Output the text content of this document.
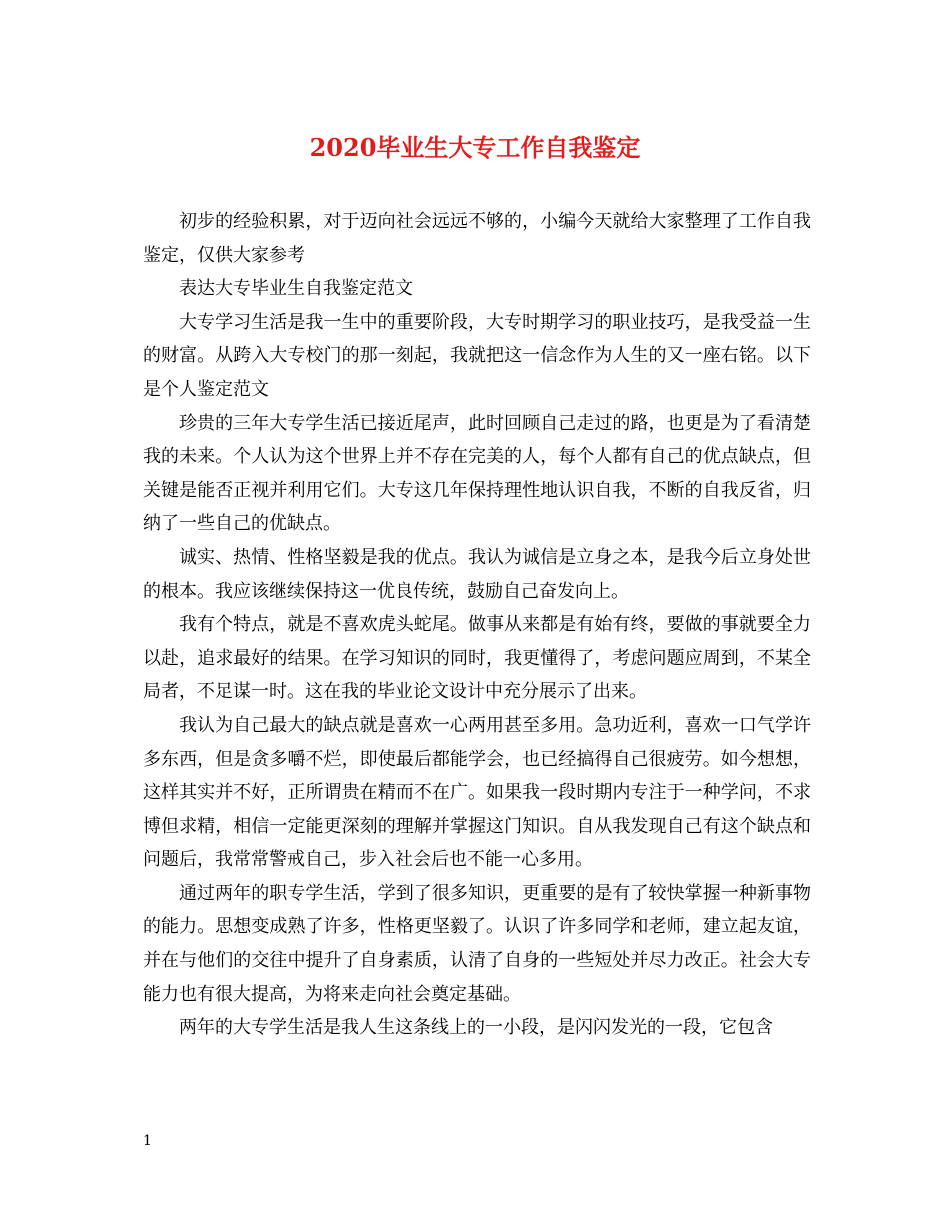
2020毕业生大专工作自我鉴定

初步的经验积累，对于迈向社会远远不够的，小编今天就给大家整理了工作自我鉴定，仅供大家参考

表达大专毕业生自我鉴定范文

大专学习生活是我一生中的重要阶段，大专时期学习的职业技巧，是我受益一生的财富。从跨入大专校门的那一刻起，我就把这一信念作为人生的又一座右铭。以下是个人鉴定范文

珍贵的三年大专学生活已接近尾声，此时回顾自己走过的路，也更是为了看清楚我的未来。个人认为这个世界上并不存在完美的人，每个人都有自己的优点缺点，但关键是能否正视并利用它们。大专这几年保持理性地认识自我，不断的自我反省，归纳了一些自己的优缺点。

诚实、热情、性格坚毅是我的优点。我认为诚信是立身之本，是我今后立身处世的根本。我应该继续保持这一优良传统，鼓励自己奋发向上。

我有个特点，就是不喜欢虎头蛇尾。做事从来都是有始有终，要做的事就要全力以赴，追求最好的结果。在学习知识的同时，我更懂得了，考虑问题应周到，不某全局者，不足谋一时。这在我的毕业论文设计中充分展示了出来。

我认为自己最大的缺点就是喜欢一心两用甚至多用。急功近利，喜欢一口气学许多东西，但是贪多嚼不烂，即使最后都能学会，也已经搞得自己很疲劳。如今想想，这样其实并不好，正所谓贵在精而不在广。如果我一段时期内专注于一种学问，不求博但求精，相信一定能更深刻的理解并掌握这门知识。自从我发现自己有这个缺点和问题后，我常常警戒自己，步入社会后也不能一心多用。

通过两年的职专学生活，学到了很多知识，更重要的是有了较快掌握一种新事物的能力。思想变成熟了许多，性格更坚毅了。认识了许多同学和老师，建立起友谊，并在与他们的交往中提升了自身素质，认清了自身的一些短处并尽力改正。社会大专能力也有很大提高，为将来走向社会奠定基础。

两年的大专学生活是我人生这条线上的一小段，是闪闪发光的一段，它包含

1
